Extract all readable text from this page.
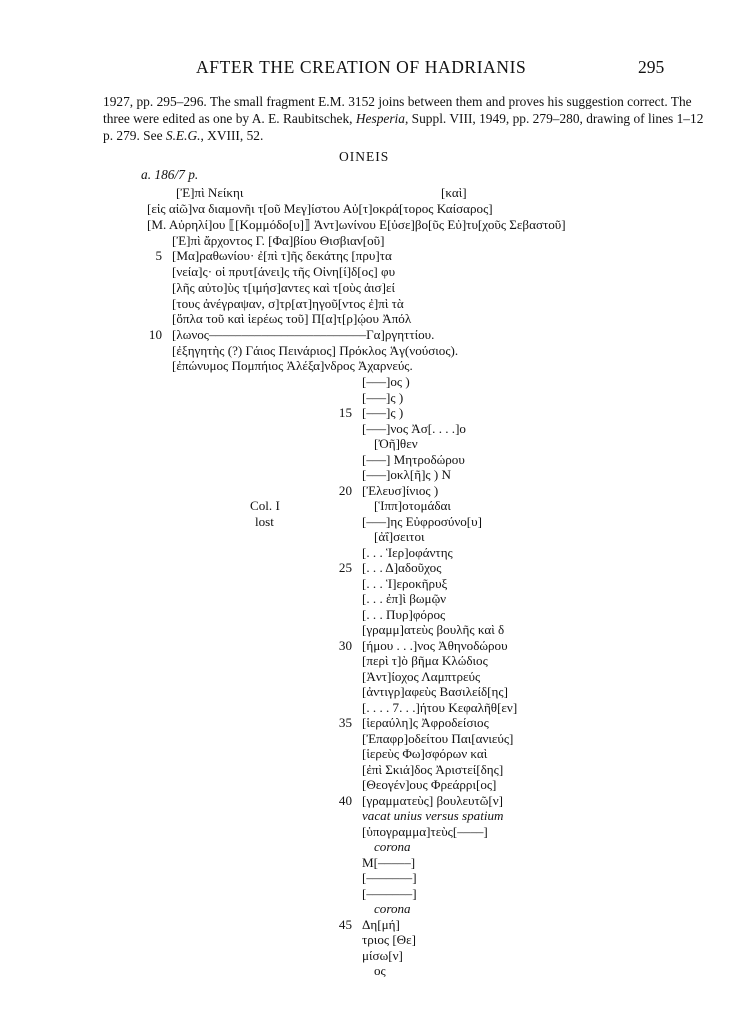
AFTER THE CREATION OF HADRIANIS	295
1927, pp. 295–296. The small fragment E.M. 3152 joins between them and proves his suggestion correct. The
three were edited as one by A. E. Raubitschek, Hesperia, Suppl. VIII, 1949, pp. 279–280, drawing of lines 1–12
p. 279. See S.E.G., XVIII, 52.
OINEIS
a. 186/7 p.
[Ἐ]πὶ Νείκηι	[καὶ]
[εἰς αἰῶ]να διαμονῆι τ[οῦ Μεγ]ίστου Αὐ[τ]οκρά[τορος Καίσαρος]
[Μ. Αὐρηλί]ου ⟦[Κομμόδο[υ]⟧ Ἀντ]ωνίνου Ε[ὐσε]βο[ῦς Εὐ]τυ[χοῦς Σεβαστοῦ]
[Ἐ]πὶ ἄρχοντος Γ. [Φα]βίου Θισβιαν[οῦ]
5 [Μα]ραθωνίου· ἐ[πὶ τ]ῆς δεκάτης [πρυ]τα
[νεία]ς· οἱ πρυτ[άνει]ς τῆς Οἰνη[ί]δ[ος] φυ
[λῆς αὐτο]ὺς τ[ιμήσ]αντες καὶ τ[οὺς ἀισ]εί
[τους ἀνέγραψαν, σ]τρ[ατ]ηγοῦ[ντος ἐ]πὶ τὰ
[ὅπλα τοῦ καὶ ἱερέως τοῦ] Π[α]τ[ρ]ῴου Ἀπόλ
10 [λωνος––––––––––––––––––––––––Γα]ργηττίου.
[ἐξηγητὴς (?) Γάιος Πεινάριος] Πρόκλος Ἁγ(νούσιος).
[ἐπώνυμος Πομπήιος Ἀλέξα]νδρος Ἀχαρνεύς.
[–––]ος )
[–––]ς )
15 [–––]ς )
[–––]νος Ἀσ[. . . .]ο
[Ὀῆ]θεν
[–––] Μητροδώρου
[–––]οκλ[ῆ]ς ) Ν
20 [Ἐλευσ]ίνιος )
Col. I	[Ἱππ]οτομάδαι
lost	[–––]ης Εὐφροσύνο[υ]
[ἀΐ]σειτοι
[. . . Ἱερ]οφάντης
25 [. . . Δ]αδοῦχος
[. . . Ἱ]εροκῆρυξ
[. . . ἐπ]ὶ βωμῷν
[. . . Πυρ]φόρος
[γραμμ]ατεὺς βουλῆς καὶ δ
30 [ήμου . . .]νος Ἀθηνοδώρου
[περὶ τ]ὸ βῆμα Κλώδιος
[Ἀντ]ίοχος Λαμπτρεύς
[ἀντιγρ]αφεὺς Βασιλείδ[ης]
[. . . . 7. . .]ήτου Κεφαλῆθ[εν]
35 [ἱεραύλη]ς Ἀφροδείσιος
[Ἐπαφρ]οδείτου Παι[ανιεύς]
[ἱερεὺς Φω]σφόρων καὶ
[ἐπὶ Σκιά]δος Ἀριστεί[δης]
[Θεογέν]ους Φρεάρρι[ος]
40 [γραμματεὺς] βουλευτῶ[ν]
vacat unius versus spatium
[ὑπογραμμα]τεὺς[––––]
corona
Μ[–––––]
[–––––––]
[–––––––]
corona
45 Δη[μή]
τριος [Θε]
μίσω[ν]
ος
